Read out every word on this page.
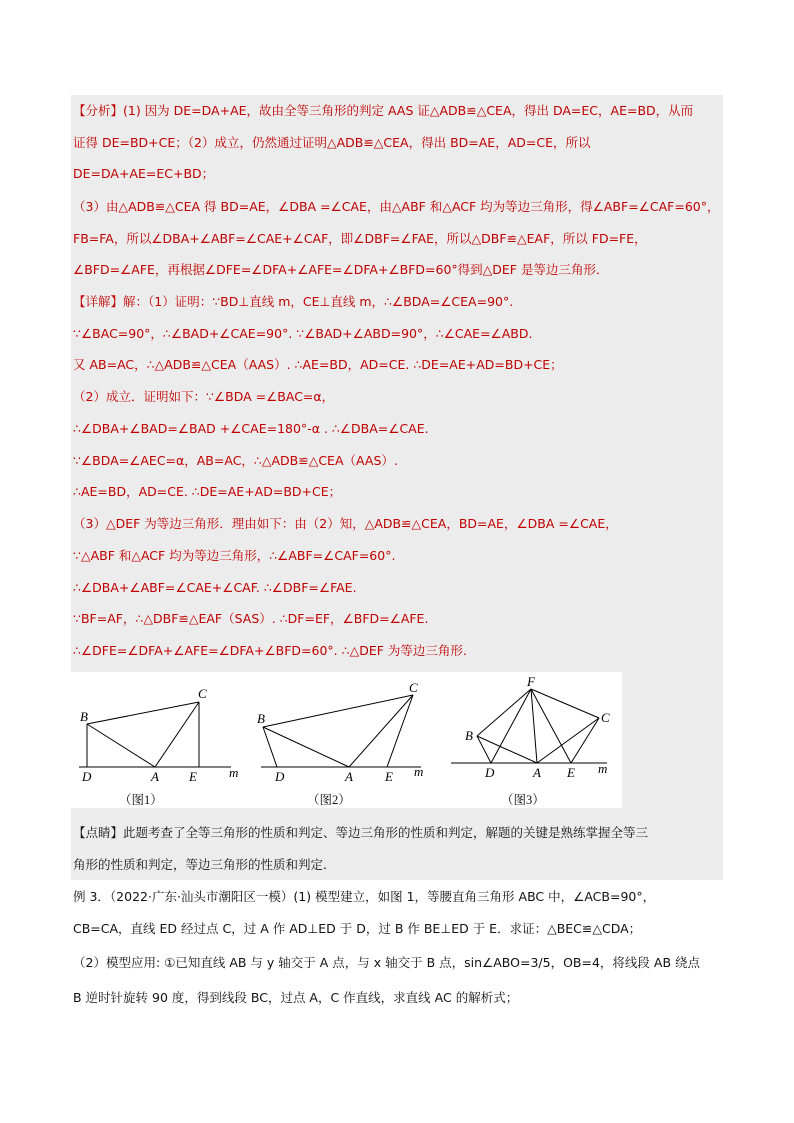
【分析】(1) 因为 DE=DA+AE，故由全等三角形的判定 AAS 证△ADB≌△CEA，得出 DA=EC，AE=BD，从而
证得 DE=BD+CE；（2）成立，仍然通过证明△ADB≌△CEA，得出 BD=AE，AD=CE，所以
DE=DA+AE=EC+BD；
（3）由△ADB≌△CEA 得 BD=AE，∠DBA =∠CAE，由△ABF 和△ACF 均为等边三角形，得∠ABF=∠CAF=60°，
FB=FA，所以∠DBA+∠ABF=∠CAE+∠CAF，即∠DBF=∠FAE，所以△DBF≌△EAF，所以 FD=FE，
∠BFD=∠AFE，再根据∠DFE=∠DFA+∠AFE=∠DFA+∠BFD=60°得到△DEF 是等边三角形．
【详解】解：（1）证明：∵BD⊥直线 m，CE⊥直线 m，∴∠BDA=∠CEA=90°.
∵∠BAC=90°，∴∠BAD+∠CAE=90°. ∵∠BAD+∠ABD=90°，∴∠CAE=∠ABD.
又 AB=AC，∴△ADB≌△CEA（AAS）. ∴AE=BD，AD=CE. ∴DE=AE+AD=BD+CE；
（2）成立．证明如下：∵∠BDA =∠BAC=α，
∴∠DBA+∠BAD=∠BAD +∠CAE=180°-α . ∴∠DBA=∠CAE.
∵∠BDA=∠AEC=α，AB=AC，∴△ADB≌△CEA（AAS）.
∴AE=BD，AD=CE. ∴DE=AE+AD=BD+CE；
（3）△DEF 为等边三角形．理由如下：由（2）知，△ADB≌△CEA，BD=AE，∠DBA =∠CAE，
∵△ABF 和△ACF 均为等边三角形，∴∠ABF=∠CAF=60°.
∴∠DBA+∠ABF=∠CAE+∠CAF. ∴∠DBF=∠FAE.
∵BF=AF，∴△DBF≌△EAF（SAS）. ∴DF=EF，∠BFD=∠AFE.
∴∠DFE=∠DFA+∠AFE=∠DFA+∠BFD=60°. ∴△DEF 为等边三角形.
B
C
D	A E m
B
C
D	A E m
F
B
C
D	A E m
（图1）	（图2）	（图3）
【点睛】此题考查了全等三角形的性质和判定、等边三角形的性质和判定，解题的关键是熟练掌握全等三
角形的性质和判定，等边三角形的性质和判定.
例 3．（2022·广东·汕头市潮阳区一模）(1) 模型建立，如图 1，等腰直角三角形 ABC 中，∠ACB=90°，
CB=CA，直线 ED 经过点 C，过 A 作 AD⊥ED 于 D，过 B 作 BE⊥ED 于 E．求证：△BEC≌△CDA；
（2）模型应用: ①已知直线 AB 与 y 轴交于 A 点，与 x 轴交于 B 点，sin∠ABO=3/5，OB=4，将线段 AB 绕点
B 逆时针旋转 90 度，得到线段 BC，过点 A，C 作直线，求直线 AC 的解析式；
